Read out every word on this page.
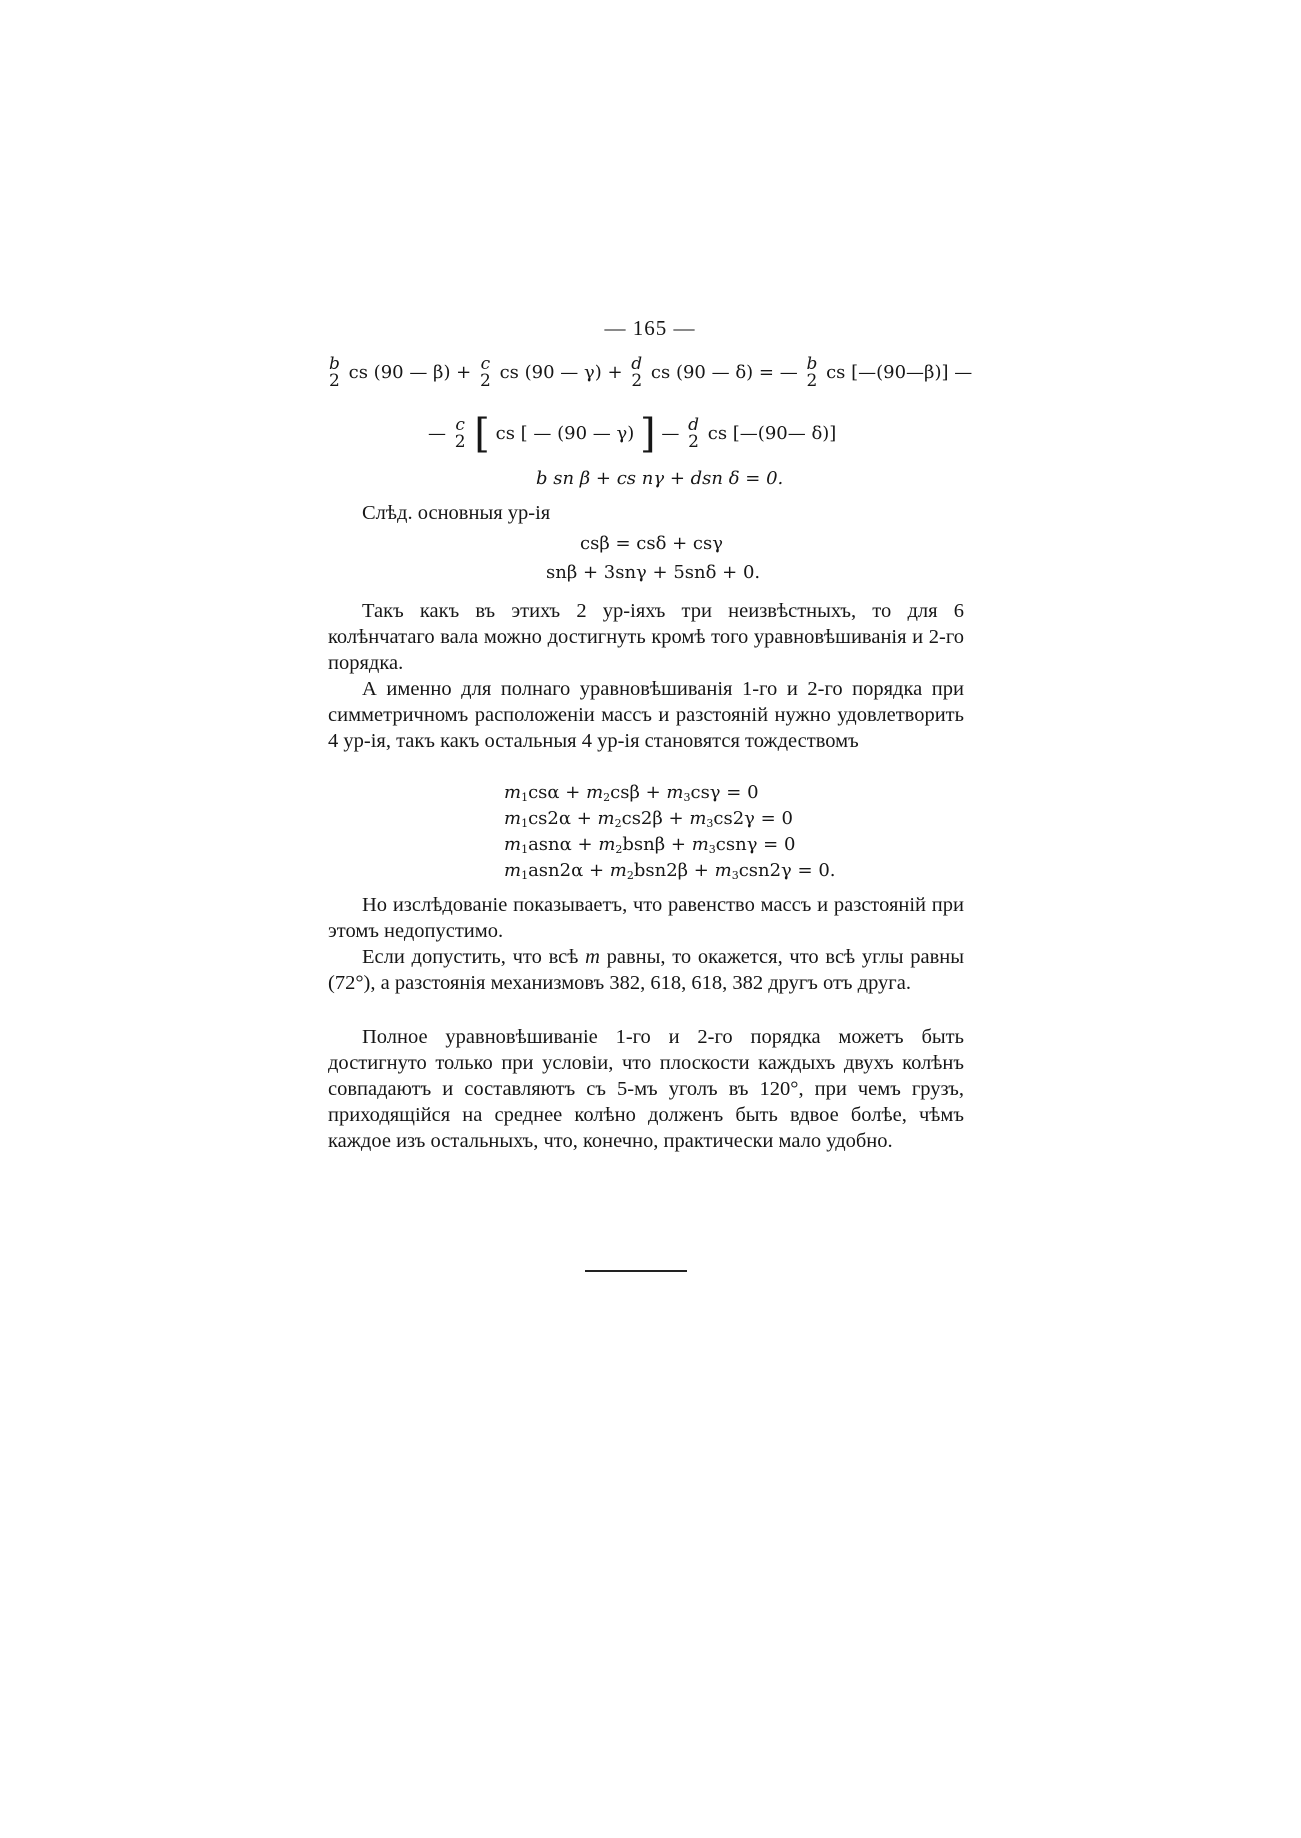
— 165 —
b
2 cs (90 — β) + c
2 cs (90 — γ) + d
2 cs (90 — δ) = — b
2 cs [—(90—β)] —
— c
2 [ cs [ — (90 — γ) ] — d
2 cs [—(90— δ)]
b sn β + cs nγ + dsn δ = 0.
Слѣд. основныя ур-ія
csβ = csδ + csγ
snβ + 3snγ + 5snδ + 0.
Такъ какъ въ этихъ 2 ур-іяхъ три неизвѣстныхъ, то для 6 колѣнчатаго вала можно достигнуть кромѣ того уравновѣшиванія и 2-го порядка.
А именно для полнаго уравновѣшиванія 1-го и 2-го порядка при симметричномъ расположеніи массъ и разстояній нужно удовлетворить 4 ур-ія, такъ какъ остальныя 4 ур-ія становятся тождествомъ
$m_1cs\alpha + m_2cs\beta + m_3cs\gamma = 0$
$m_1cs2\alpha + m_2cs2\beta + m_3cs2\gamma = 0$
$m_1asn\alpha + m_2bsn\beta + m_3csn\gamma = 0$
$m_1asn2\alpha + m_2bsn2\beta + m_3csn2\gamma = 0$.
Но изслѣдованіе показываетъ, что равенство массъ и разстояній при этомъ недопустимо.
Если допустить, что всѣ m равны, то окажется, что всѣ углы равны (72°), а разстоянія механизмовъ 382, 618, 618, 382 другъ отъ друга.
Полное уравновѣшиваніе 1-го и 2-го порядка можетъ быть достигнуто только при условіи, что плоскости каждыхъ двухъ колѣнъ совпадаютъ и составляютъ съ 5-мъ уголъ въ 120°, при чемъ грузъ, приходящійся на среднее колѣно долженъ быть вдвое болѣе, чѣмъ каждое изъ остальныхъ, что, конечно, практически мало удобно.
